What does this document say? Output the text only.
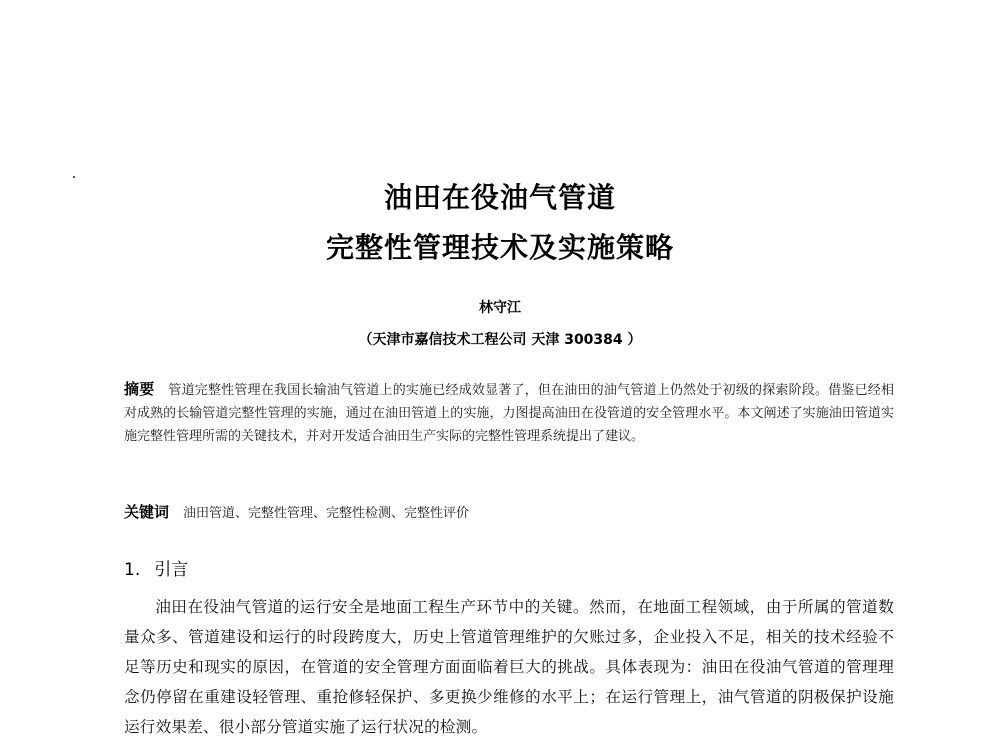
油田在役油气管道
完整性管理技术及实施策略
林守江
（天津市嘉信技术工程公司 天津 300384 ）
摘要 管道完整性管理在我国长输油气管道上的实施已经成效显著了，但在油田的油气管道上仍然处于初级的探索阶段。借鉴已经相对成熟的长输管道完整性管理的实施，通过在油田管道上的实施，力图提高油田在役管道的安全管理水平。本文阐述了实施油田管道实施完整性管理所需的关键技术，并对开发适合油田生产实际的完整性管理系统提出了建议。
关键词 油田管道、完整性管理、完整性检测、完整性评价
1. 引言

油田在役油气管道的运行安全是地面工程生产环节中的关键。然而，在地面工程领域，由于所属的管道数量众多、管道建设和运行的时段跨度大，历史上管道管理维护的欠账过多，企业投入不足，相关的技术经验不足等历史和现实的原因，在管道的安全管理方面面临着巨大的挑战。具体表现为：油田在役油气管道的管理理念仍停留在重建设轻管理、重抢修轻保护、多更换少维修的水平上；在运行管理上，油气管道的阴极保护设施运行效果差、很小部分管道实施了运行状况的检测。
